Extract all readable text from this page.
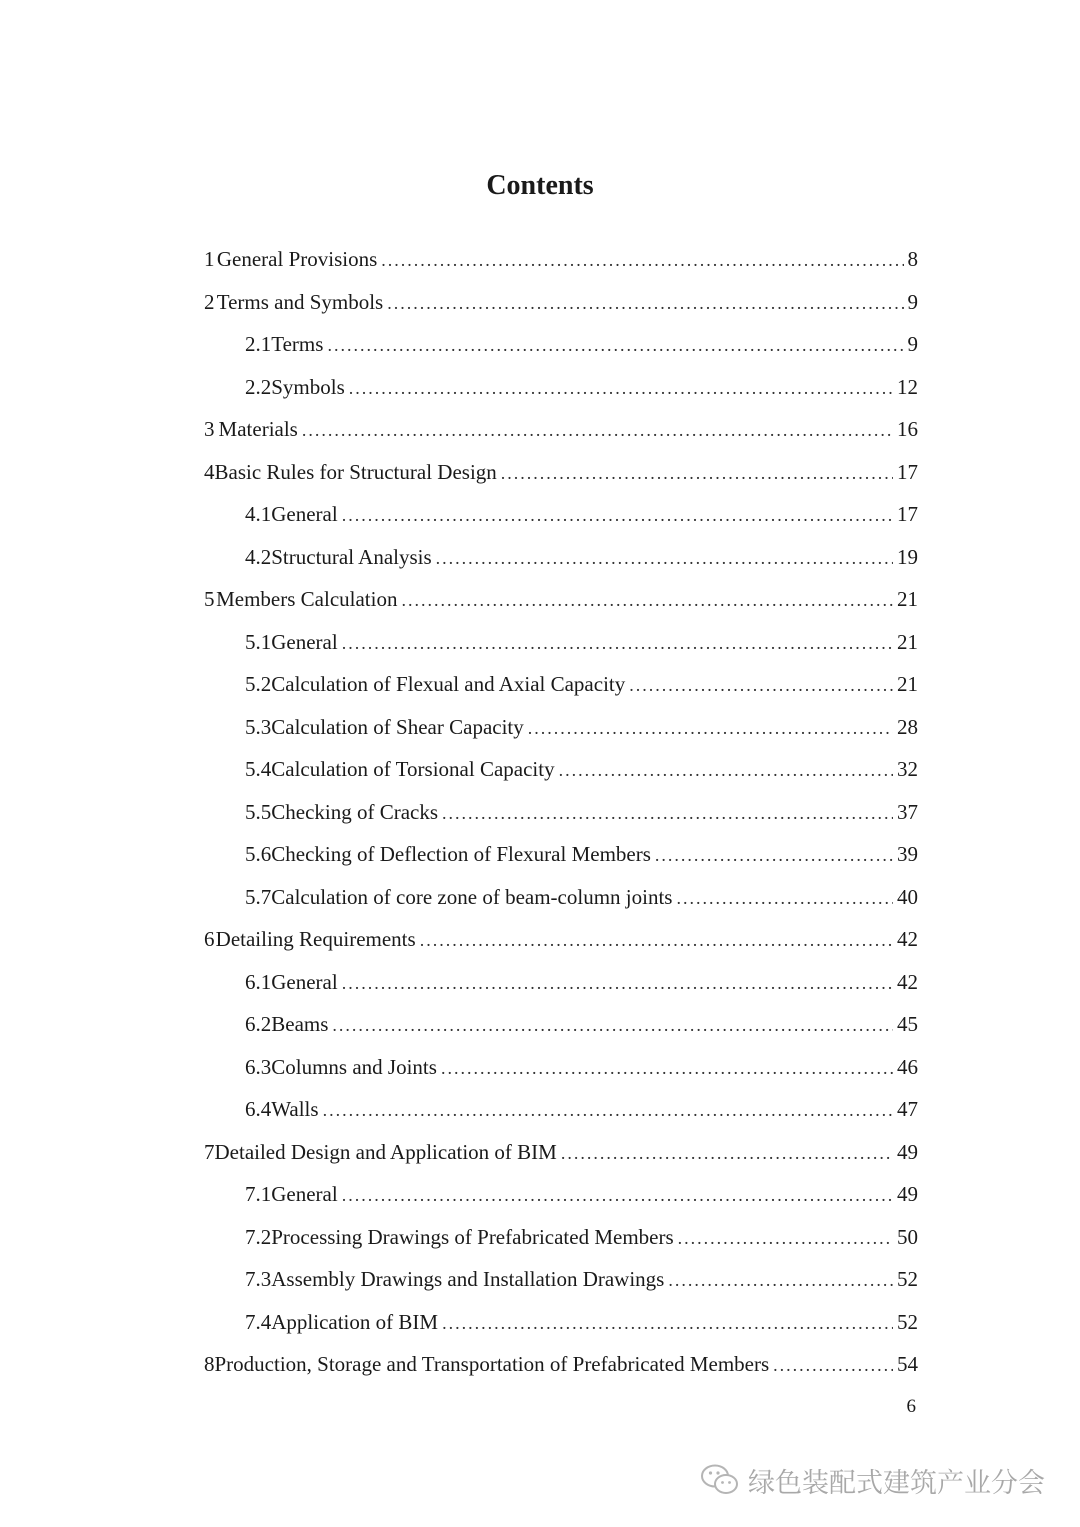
Contents
1 General Provisions .....	8
2 Terms and Symbols .....	9
2.1 Terms .....	9
2.2 Symbols .....	12
3 Materials .....	16
4 Basic Rules for Structural Design .....	17
4.1 General .....	17
4.2 Structural Analysis .....	19
5 Members Calculation .....	21
5.1 General .....	21
5.2 Calculation of Flexual and Axial Capacity .....	21
5.3 Calculation of Shear Capacity .....	28
5.4 Calculation of Torsional Capacity .....	32
5.5 Checking of Cracks .....	37
5.6 Checking of Deflection of Flexural Members .....	39
5.7 Calculation of core zone of beam-column joints .....	40
6 Detailing Requirements .....	42
6.1 General .....	42
6.2 Beams .....	45
6.3 Columns and Joints .....	46
6.4 Walls .....	47
7 Detailed Design and Application of BIM .....	49
7.1 General .....	49
7.2 Processing Drawings of Prefabricated Members .....	50
7.3 Assembly Drawings and Installation Drawings .....	52
7.4 Application of BIM .....	52
8 Production, Storage and Transportation of Prefabricated Members .....	54
6
绿色装配式建筑产业分会
